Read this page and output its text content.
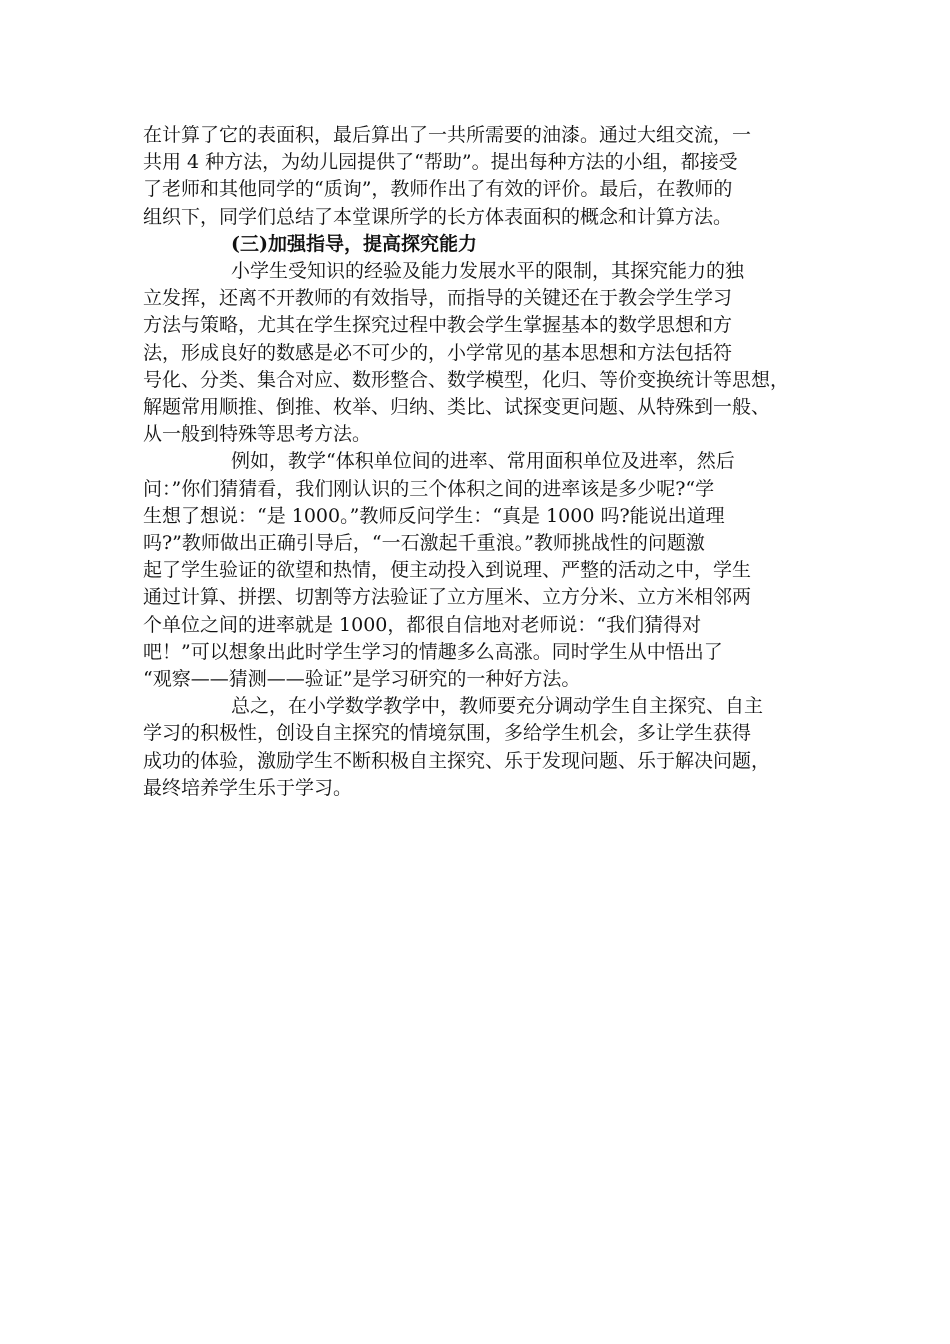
在计算了它的表面积，最后算出了一共所需要的油漆。通过大组交流，一
共用 4 种方法，为幼儿园提供了“帮助”。提出每种方法的小组，都接受
了老师和其他同学的“质询”，教师作出了有效的评价。最后，在教师的
组织下，同学们总结了本堂课所学的长方体表面积的概念和计算方法。

(三)加强指导，提高探究能力

小学生受知识的经验及能力发展水平的限制，其探究能力的独
立发挥，还离不开教师的有效指导，而指导的关键还在于教会学生学习
方法与策略，尤其在学生探究过程中教会学生掌握基本的数学思想和方
法，形成良好的数感是必不可少的，小学常见的基本思想和方法包括符
号化、分类、集合对应、数形整合、数学模型，化归、等价变换统计等思想，
解题常用顺推、倒推、枚举、归纳、类比、试探变更问题、从特殊到一般、
从一般到特殊等思考方法。

例如，教学“体积单位间的进率、常用面积单位及进率，然后
问：”你们猜猜看，我们刚认识的三个体积之间的进率该是多少呢?“学
生想了想说：“是 1000。”教师反问学生：“真是 1000 吗?能说出道理
吗?”教师做出正确引导后，“一石激起千重浪。”教师挑战性的问题激
起了学生验证的欲望和热情，便主动投入到说理、严整的活动之中，学生
通过计算、拼摆、切割等方法验证了立方厘米、立方分米、立方米相邻两
个单位之间的进率就是 1000，都很自信地对老师说：“我们猜得对
吧！”可以想象出此时学生学习的情趣多么高涨。同时学生从中悟出了
“观察——猜测——验证”是学习研究的一种好方法。

总之，在小学数学教学中，教师要充分调动学生自主探究、自主
学习的积极性，创设自主探究的情境氛围，多给学生机会，多让学生获得
成功的体验，激励学生不断积极自主探究、乐于发现问题、乐于解决问题，
最终培养学生乐于学习。
